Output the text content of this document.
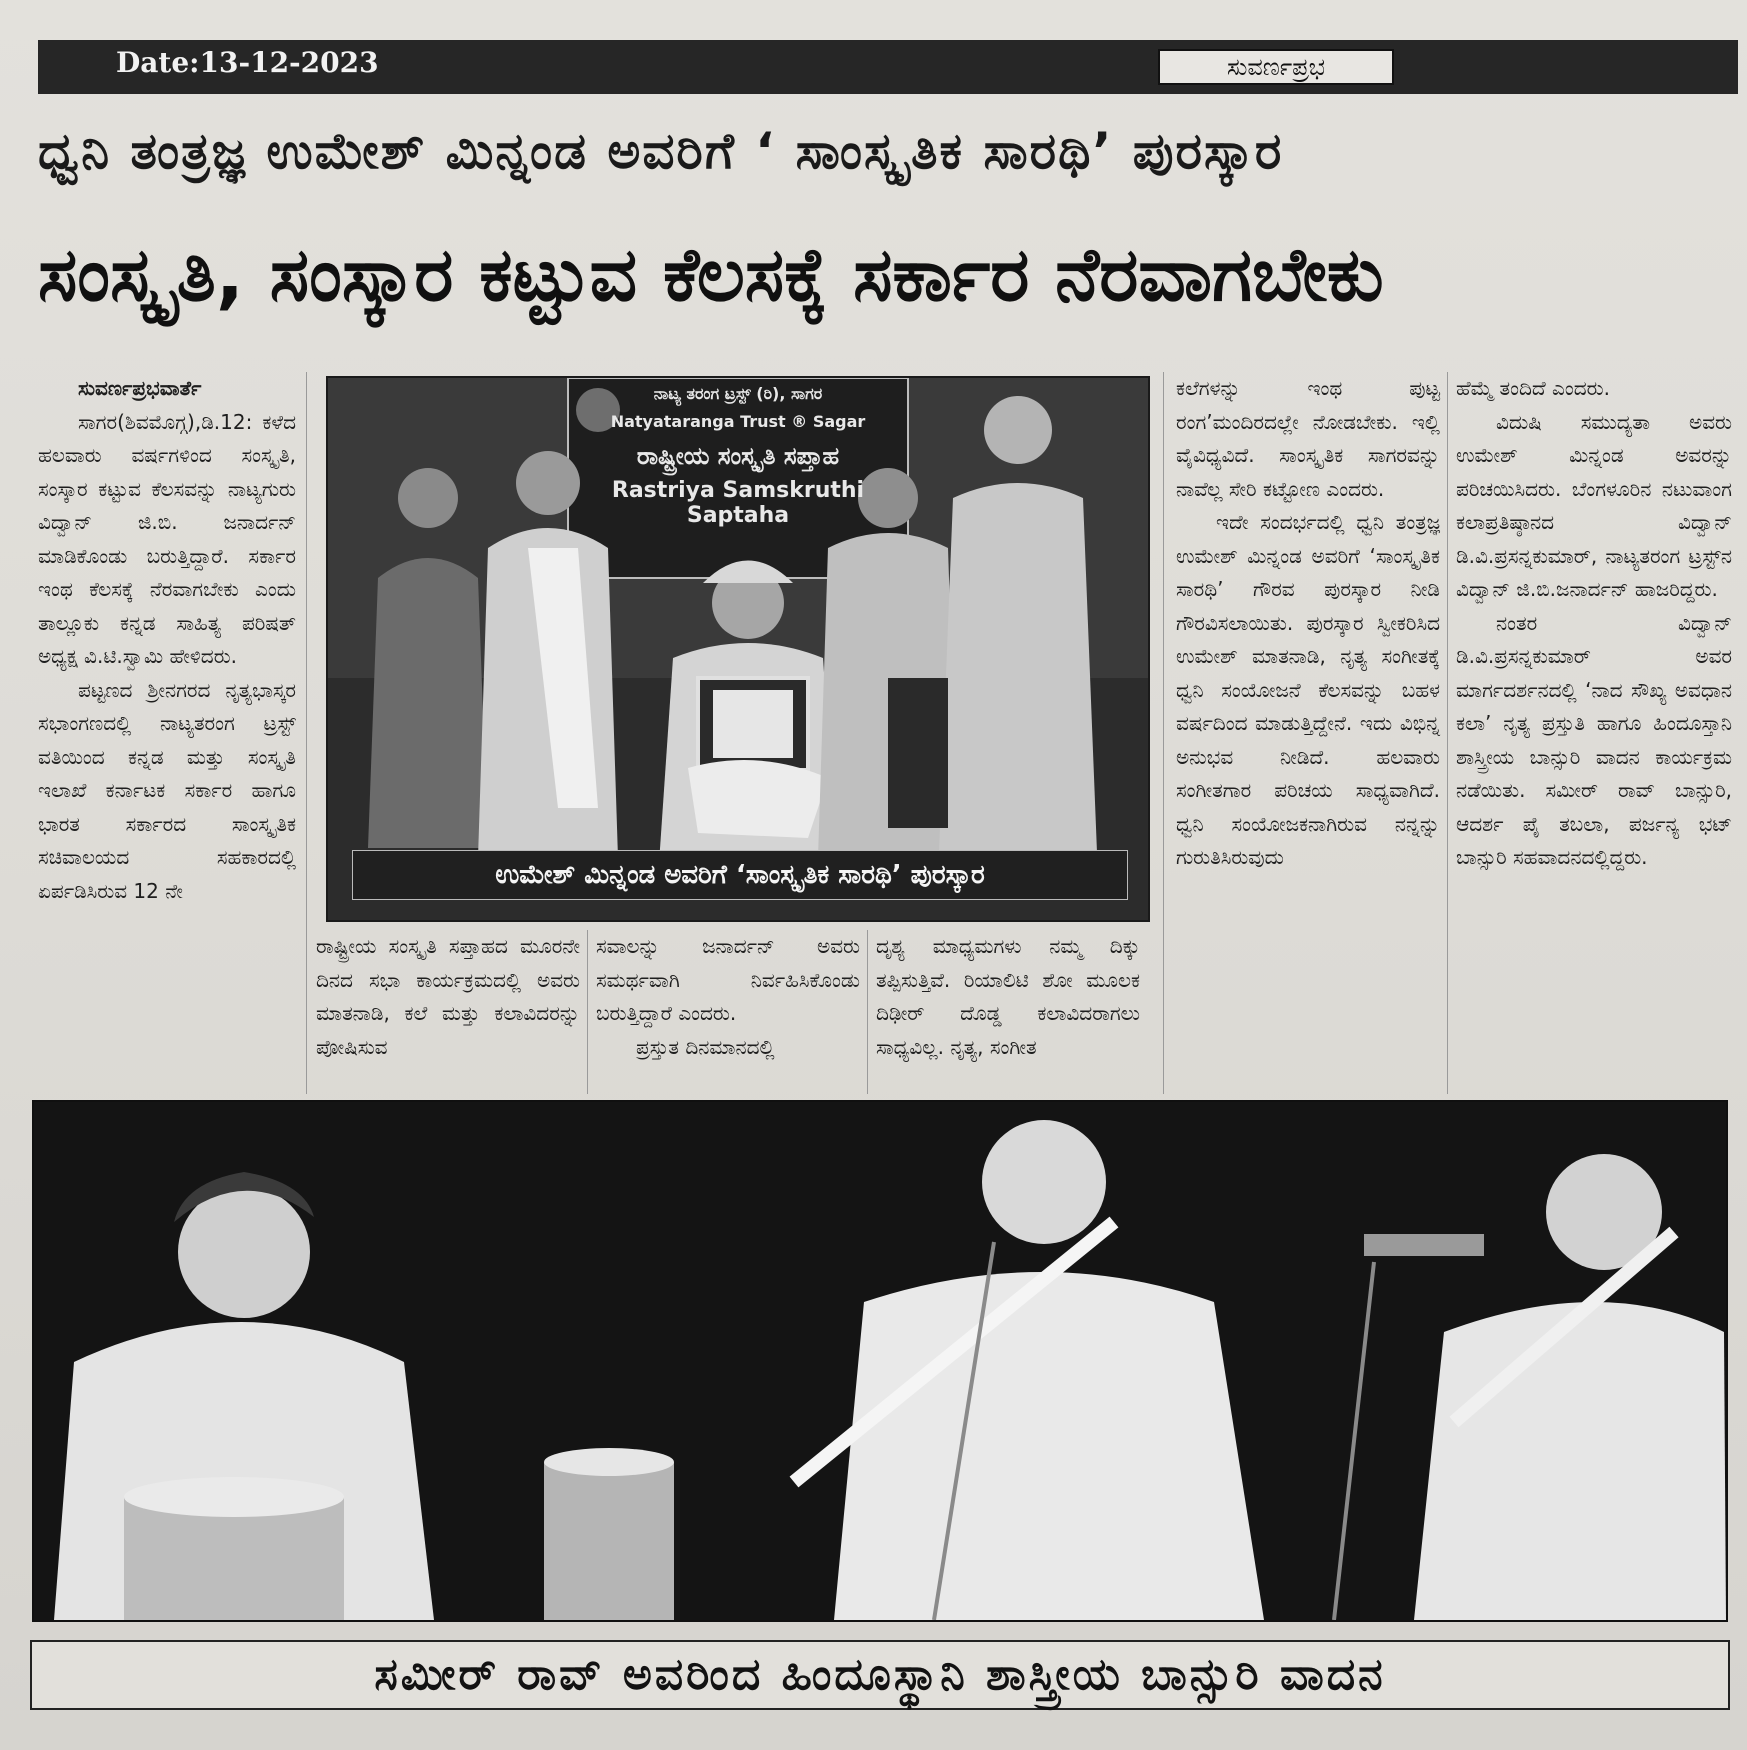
Date:13-12-2023	ಸುವರ್ಣಪ್ರಭ
ಧ್ವನಿ ತಂತ್ರಜ್ಞ ಉಮೇಶ್ ಮಿನ್ನಂಡ ಅವರಿಗೆ ‘ ಸಾಂಸ್ಕೃತಿಕ ಸಾರಥಿ’ ಪುರಸ್ಕಾರ
ಸಂಸ್ಕೃತಿ, ಸಂಸ್ಕಾರ ಕಟ್ಟುವ ಕೆಲಸಕ್ಕೆ ಸರ್ಕಾರ ನೆರವಾಗಬೇಕು

ಸುವರ್ಣಪ್ರಭವಾರ್ತೆ

ಸಾಗರ(ಶಿವಮೊಗ್ಗ),ಡಿ.12: ಕಳೆದ ಹಲವಾರು ವರ್ಷಗಳಿಂದ ಸಂಸ್ಕೃತಿ, ಸಂಸ್ಕಾರ ಕಟ್ಟುವ ಕೆಲಸವನ್ನು ನಾಟ್ಯಗುರು ವಿದ್ವಾನ್ ಜಿ.ಬಿ. ಜನಾರ್ದನ್ ಮಾಡಿಕೊಂಡು ಬರುತ್ತಿದ್ದಾರೆ. ಸರ್ಕಾರ ಇಂಥ ಕೆಲಸಕ್ಕೆ ನೆರವಾಗಬೇಕು ಎಂದು ತಾಲ್ಲೂಕು ಕನ್ನಡ ಸಾಹಿತ್ಯ ಪರಿಷತ್ ಅಧ್ಯಕ್ಷ ವಿ.ಟಿ.ಸ್ವಾಮಿ ಹೇಳಿದರು.

ಪಟ್ಟಣದ ಶ್ರೀನಗರದ ನೃತ್ಯಭಾಸ್ಕರ ಸಭಾಂಗಣದಲ್ಲಿ ನಾಟ್ಯತರಂಗ ಟ್ರಸ್ಟ್ ವತಿಯಿಂದ ಕನ್ನಡ ಮತ್ತು ಸಂಸ್ಕೃತಿ ಇಲಾಖೆ ಕರ್ನಾಟಕ ಸರ್ಕಾರ ಹಾಗೂ ಭಾರತ ಸರ್ಕಾರದ ಸಾಂಸ್ಕೃತಿಕ ಸಚಿವಾಲಯದ ಸಹಕಾರದಲ್ಲಿ ಏರ್ಪಡಿಸಿರುವ 12 ನೇ

ನಾಟ್ಯ ತರಂಗ ಟ್ರಸ್ಟ್ (ರಿ), ಸಾಗರ
Natyataranga Trust ® Sagar
ರಾಷ್ಟ್ರೀಯ ಸಂಸ್ಕೃತಿ ಸಪ್ತಾಹ
Rastriya Samskruthi Saptaha
ಉಮೇಶ್ ಮಿನ್ನಂಡ ಅವರಿಗೆ ‘ಸಾಂಸ್ಕೃತಿಕ ಸಾರಥಿ’ ಪುರಸ್ಕಾರ

ಕಲೆಗಳನ್ನು ಇಂಥ ಪುಟ್ಟ ರಂಗ’ಮಂದಿರದಲ್ಲೇ ನೋಡಬೇಕು. ಇಲ್ಲಿ ವೈವಿಧ್ಯವಿದೆ. ಸಾಂಸ್ಕೃತಿಕ ಸಾಗರವನ್ನು ನಾವೆಲ್ಲ ಸೇರಿ ಕಟ್ಟೋಣ ಎಂದರು.

ಇದೇ ಸಂದರ್ಭದಲ್ಲಿ ಧ್ವನಿ ತಂತ್ರಜ್ಞ ಉಮೇಶ್ ಮಿನ್ನಂಡ ಅವರಿಗೆ ‘ಸಾಂಸ್ಕೃತಿಕ ಸಾರಥಿ’ ಗೌರವ ಪುರಸ್ಕಾರ ನೀಡಿ ಗೌರವಿಸಲಾಯಿತು. ಪುರಸ್ಕಾರ ಸ್ವೀಕರಿಸಿದ ಉಮೇಶ್ ಮಾತನಾಡಿ, ನೃತ್ಯ ಸಂಗೀತಕ್ಕೆ ಧ್ವನಿ ಸಂಯೋಜನೆ ಕೆಲಸವನ್ನು ಬಹಳ ವರ್ಷದಿಂದ ಮಾಡುತ್ತಿದ್ದೇನೆ. ಇದು ವಿಭಿನ್ನ ಅನುಭವ ನೀಡಿದೆ. ಹಲವಾರು ಸಂಗೀತಗಾರ ಪರಿಚಯ ಸಾಧ್ಯವಾಗಿದೆ. ಧ್ವನಿ ಸಂಯೋಜಕನಾಗಿರುವ ನನ್ನನ್ನು ಗುರುತಿಸಿರುವುದು

ಹೆಮ್ಮೆ ತಂದಿದೆ ಎಂದರು.

ವಿದುಷಿ ಸಮುದ್ಯತಾ ಅವರು ಉಮೇಶ್ ಮಿನ್ನಂಡ ಅವರನ್ನು ಪರಿಚಯಿಸಿದರು. ಬೆಂಗಳೂರಿನ ನಟುವಾಂಗ ಕಲಾಪ್ರತಿಷ್ಠಾನದ ವಿದ್ವಾನ್ ಡಿ.ವಿ.ಪ್ರಸನ್ನಕುಮಾರ್, ನಾಟ್ಯತರಂಗ ಟ್ರಸ್ಟ್‌ನ ವಿದ್ವಾನ್ ಜಿ.ಬಿ.ಜನಾರ್ದನ್ ಹಾಜರಿದ್ದರು.

ನಂತರ ವಿದ್ವಾನ್ ಡಿ.ವಿ.ಪ್ರಸನ್ನಕುಮಾರ್ ಅವರ ಮಾರ್ಗದರ್ಶನದಲ್ಲಿ ‘ನಾದ ಸೌಖ್ಯ ಅವಧಾನ ಕಲಾ’ ನೃತ್ಯ ಪ್ರಸ್ತುತಿ ಹಾಗೂ ಹಿಂದೂಸ್ತಾನಿ ಶಾಸ್ತ್ರೀಯ ಬಾನ್ಸುರಿ ವಾದನ ಕಾರ್ಯಕ್ರಮ ನಡೆಯಿತು. ಸಮೀರ್ ರಾವ್ ಬಾನ್ಸುರಿ, ಆದರ್ಶ ಪೈ ತಬಲಾ, ಪರ್ಜನ್ಯ ಭಟ್ ಬಾನ್ಸುರಿ ಸಹವಾದನದಲ್ಲಿದ್ದರು.

ರಾಷ್ಟ್ರೀಯ ಸಂಸ್ಕೃತಿ ಸಪ್ತಾಹದ ಮೂರನೇ ದಿನದ ಸಭಾ ಕಾರ್ಯಕ್ರಮದಲ್ಲಿ ಅವರು ಮಾತನಾಡಿ, ಕಲೆ ಮತ್ತು ಕಲಾವಿದರನ್ನು ಪೋಷಿಸುವ

ಸವಾಲನ್ನು ಜನಾರ್ದನ್ ಅವರು ಸಮರ್ಥವಾಗಿ ನಿರ್ವಹಿಸಿಕೊಂಡು ಬರುತ್ತಿದ್ದಾರೆ ಎಂದರು.

ಪ್ರಸ್ತುತ ದಿನಮಾನದಲ್ಲಿ

ದೃಶ್ಯ ಮಾಧ್ಯಮಗಳು ನಮ್ಮ ದಿಕ್ಕು ತಪ್ಪಿಸುತ್ತಿವೆ. ರಿಯಾಲಿಟಿ ಶೋ ಮೂಲಕ ದಿಢೀರ್ ದೊಡ್ಡ ಕಲಾವಿದರಾಗಲು ಸಾಧ್ಯವಿಲ್ಲ. ನೃತ್ಯ, ಸಂಗೀತ

ಸಮೀರ್ ರಾವ್ ಅವರಿಂದ ಹಿಂದೂಸ್ಥಾನಿ ಶಾಸ್ತ್ರೀಯ ಬಾನ್ಸುರಿ ವಾದನ
